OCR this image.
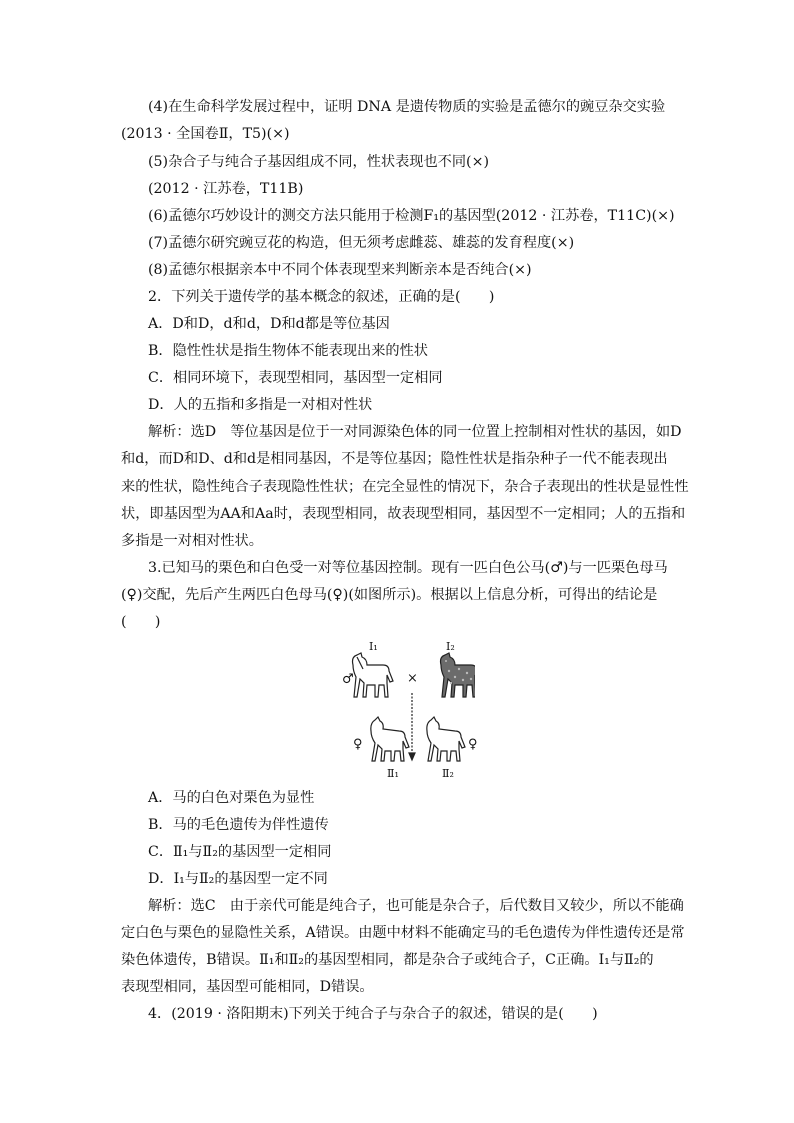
(4)在生命科学发展过程中，证明 DNA 是遗传物质的实验是孟德尔的豌豆杂交实验
(2013 · 全国卷Ⅱ，T5)(×)
(5)杂合子与纯合子基因组成不同，性状表现也不同(×)
(2012 · 江苏卷，T11B)
(6)孟德尔巧妙设计的测交方法只能用于检测F₁的基因型(2012 · 江苏卷，T11C)(×)
(7)孟德尔研究豌豆花的构造，但无须考虑雌蕊、雄蕊的发育程度(×)
(8)孟德尔根据亲本中不同个体表现型来判断亲本是否纯合(×)
2．下列关于遗传学的基本概念的叙述，正确的是(　　)
A．D和D，d和d，D和d都是等位基因
B．隐性性状是指生物体不能表现出来的性状
C．相同环境下，表现型相同，基因型一定相同
D．人的五指和多指是一对相对性状
解析：选D　等位基因是位于一对同源染色体的同一位置上控制相对性状的基因，如D
和d，而D和D、d和d是相同基因，不是等位基因；隐性性状是指杂种子一代不能表现出
来的性状，隐性纯合子表现隐性性状；在完全显性的情况下，杂合子表现出的性状是显性性
状，即基因型为AA和Aa时，表现型相同，故表现型相同，基因型不一定相同；人的五指和
多指是一对相对性状。
3.已知马的栗色和白色受一对等位基因控制。现有一匹白色公马(♂)与一匹栗色母马
(♀)交配，先后产生两匹白色母马(♀)(如图所示)。根据以上信息分析，可得出的结论是
(　　)
Ⅰ₁	Ⅰ₂
♂	×
♀	♀
Ⅱ₁	Ⅱ₂
A．马的白色对栗色为显性
B．马的毛色遗传为伴性遗传
C．Ⅱ₁与Ⅱ₂的基因型一定相同
D．Ⅰ₁与Ⅱ₂的基因型一定不同
解析：选C　由于亲代可能是纯合子，也可能是杂合子，后代数目又较少，所以不能确
定白色与栗色的显隐性关系，A错误。由题中材料不能确定马的毛色遗传为伴性遗传还是常
染色体遗传，B错误。Ⅱ₁和Ⅱ₂的基因型相同，都是杂合子或纯合子，C正确。Ⅰ₁与Ⅱ₂的
表现型相同，基因型可能相同，D错误。
4．(2019 · 洛阳期末)下列关于纯合子与杂合子的叙述，错误的是(　　)
